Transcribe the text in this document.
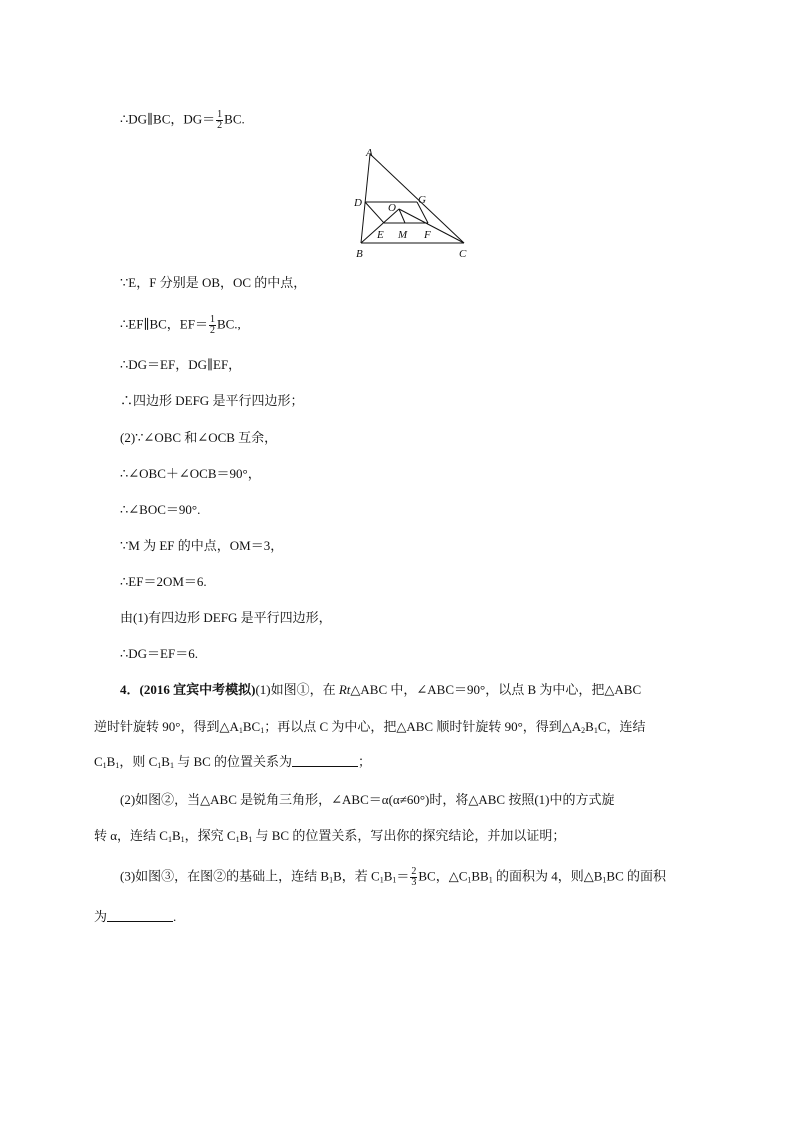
∴DG∥BC，$DG= \frac{1}{2}$ BC.
A
D	G
O
E M F
B	C
∵E，F 分别是 OB，OC 的中点，
∴EF∥BC，$EF= \frac{1}{2}$ BC.,
∴DG＝EF，DG∥EF，
∴四边形 DEFG 是平行四边形；
(2)∵∠OBC 和∠OCB 互余，
∴∠OBC＋∠OCB＝90°，
∴∠BOC＝90°.
∵M 为 EF 的中点，OM＝3，
∴EF＝2OM＝6.
由(1)有四边形 DEFG 是平行四边形，
∴DG＝EF＝6.
4．(2016 宜宾中考模拟)(1)如图①，在 Rt△ABC 中，∠ABC＝90°，以点 B 为中心，把△ABC
逆时针旋转 90°，得到$\triangle A_1BC_1$；再以点 C 为中心，把△ABC 顺时针旋转 90°，得到$\triangle A_2B_1C$，连结
$C_1B_1$，则 $C_1B_1$ 与 BC 的位置关系为	；
(2)如图②，当△ABC 是锐角三角形，∠ABC＝α(α≠60°)时，将△ABC 按照(1)中的方式旋
转 α，连结 $C_1B_1$，探究 $C_1B_1$ 与 BC 的位置关系，写出你的探究结论，并加以证明；
(3)如图③，在图②的基础上，连结 $B_1B$，若 $C_1B_1= \frac{2}{3}$ BC，$\triangle C_1BB_1$ 的面积为 4，则$\triangle B_1BC$ 的面积
为	.
